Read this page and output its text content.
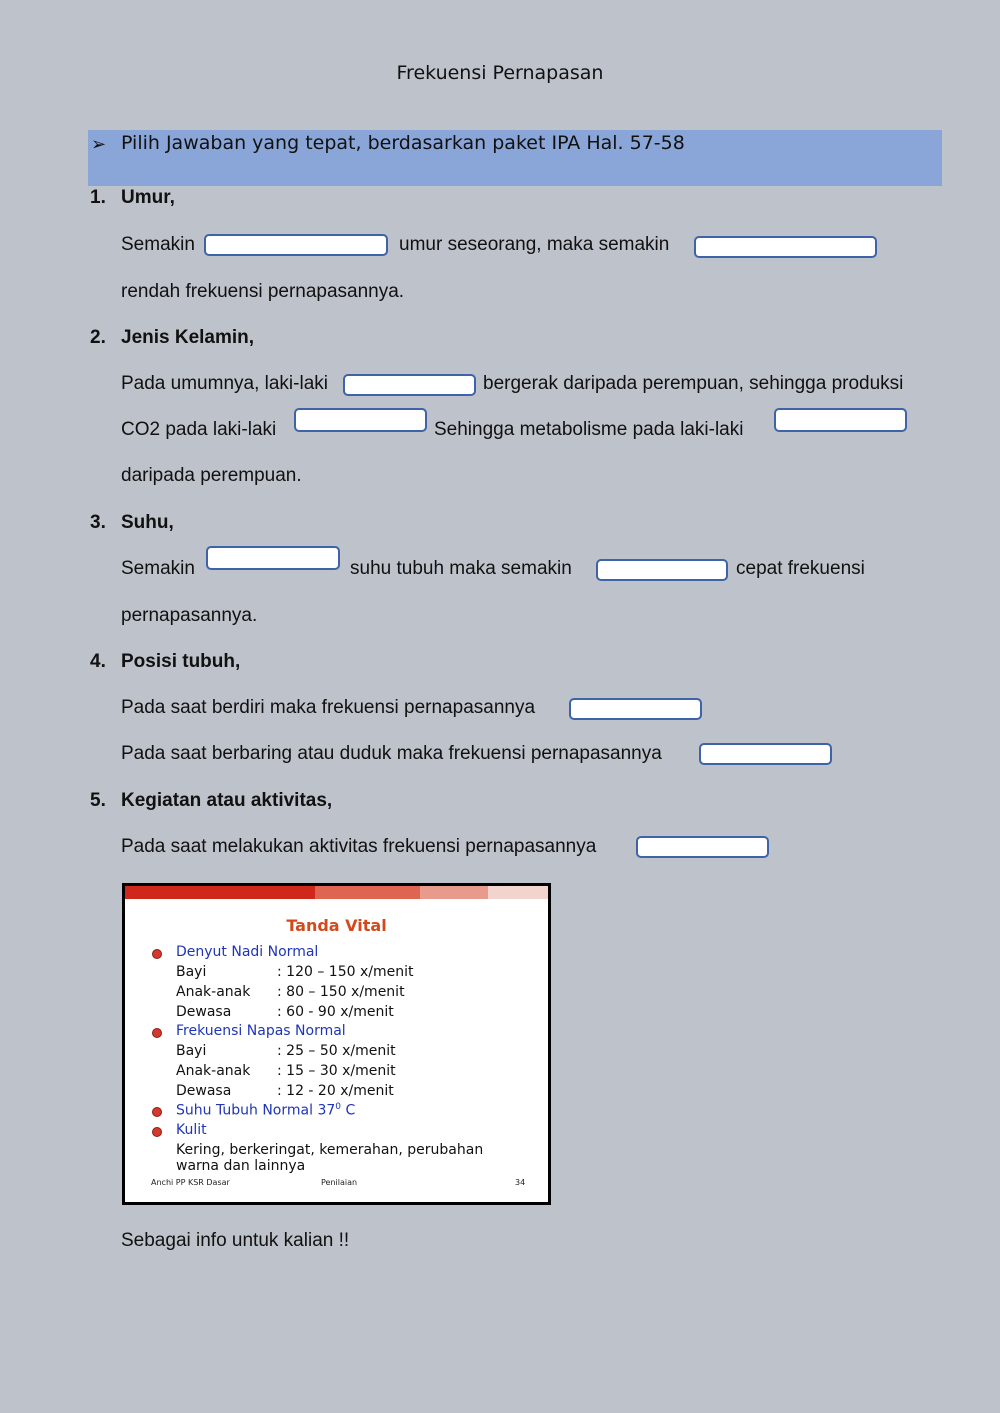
Frekuensi Pernapasan
➢ Pilih Jawaban yang tepat, berdasarkan paket IPA Hal. 57-58
1. Umur,
Semakin	umur seseorang, maka semakin
rendah frekuensi pernapasannya.
2. Jenis Kelamin,
Pada umumnya, laki-laki	bergerak daripada perempuan, sehingga produksi
CO2 pada laki-laki	Sehingga metabolisme pada laki-laki
daripada perempuan.
3. Suhu,
Semakin	suhu tubuh maka semakin	cepat frekuensi
pernapasannya.
4. Posisi tubuh,
Pada saat berdiri maka frekuensi pernapasannya
Pada saat berbaring atau duduk maka frekuensi pernapasannya
5. Kegiatan atau aktivitas,
Pada saat melakukan aktivitas frekuensi pernapasannya
Tanda Vital
Denyut Nadi Normal
Bayi	: 120 – 150 x/menit
Anak-anak : 80 – 150 x/menit
Dewasa	: 60 - 90 x/menit
Frekuensi Napas Normal
Bayi	: 25 – 50 x/menit
Anak-anak : 15 – 30 x/menit
Dewasa	: 12 - 20 x/menit
Suhu Tubuh Normal $37^0$ C
Kulit
Kering, berkeringat, kemerahan, perubahan
warna dan lainnya
Anchi PP KSR Dasar	Penilaian	34
Sebagai info untuk kalian !!
